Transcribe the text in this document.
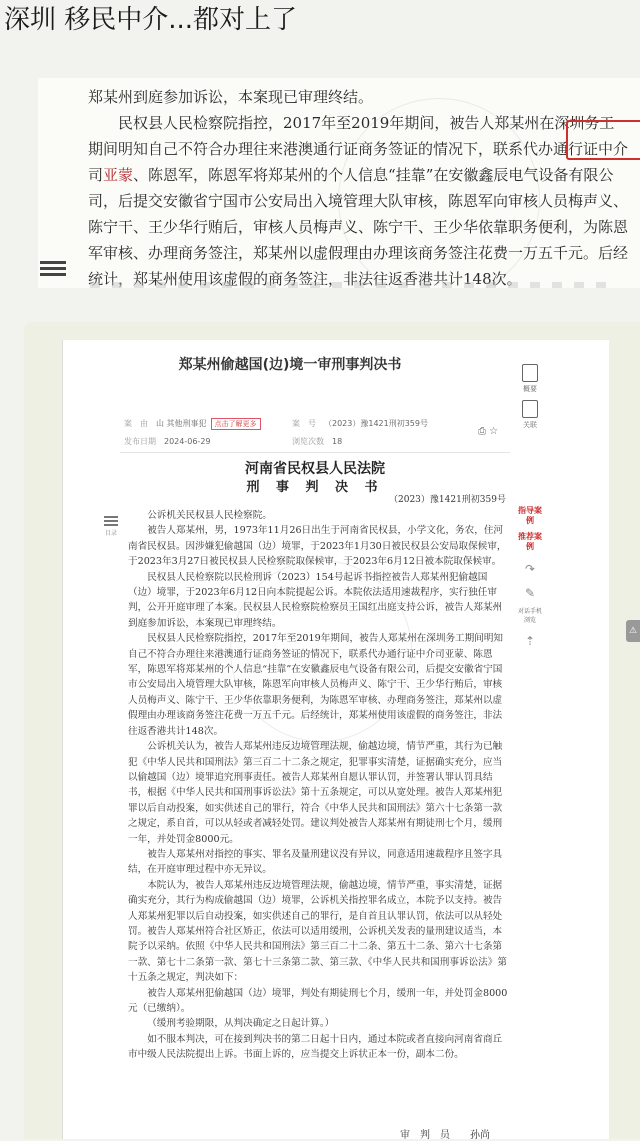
深圳 移民中介...都对上了
郑某州到庭参加诉讼，本案现已审理终结。
民权县人民检察院指控，2017年至2019年期间，被告人郑某州在深圳务工期间明知自己不符合办理往来港澳通行证商务签证的情况下，联系代办通行证中介司亚蒙、陈恩军，陈恩军将郑某州的个人信息“挂靠”在安徽鑫辰电气设备有限公司，后提交安徽省宁国市公安局出入境管理大队审核，陈恩军向审核人员梅声义、陈宁干、王少华行贿后，审核人员梅声义、陈宁干、王少华依靠职务便利，为陈恩军审核、办理商务签注，郑某州以虚假理由办理该商务签注花费一万五千元。后经统计，郑某州使用该虚假的商务签注，非法往返香港共计148次。
郑某州偷越国(边)境一审刑事判决书
案　由 山 其他刑事犯 点击了解更多	案　号 （2023）豫1421刑初359号
发布日期 2024-06-29	浏览次数 18
⎙ ☆
河南省民权县人民法院
刑 事 判 决 书
（2023）豫1421刑初359号

公诉机关民权县人民检察院。

被告人郑某州，男，1973年11月26日出生于河南省民权县，小学文化，务农，住河南省民权县。因涉嫌犯偷越国（边）境罪，于2023年1月30日被民权县公安局取保候审，于2023年3月27日被民权县人民检察院取保候审，于2023年6月12日被本院取保候审。

民权县人民检察院以民检刑诉（2023）154号起诉书指控被告人郑某州犯偷越国（边）境罪，于2023年6月12日向本院提起公诉。本院依法适用速裁程序，实行独任审判，公开开庭审理了本案。民权县人民检察院检察员王国红出庭支持公诉，被告人郑某州到庭参加诉讼，本案现已审理终结。

民权县人民检察院指控，2017年至2019年期间，被告人郑某州在深圳务工期间明知自己不符合办理往来港澳通行证商务签证的情况下，联系代办通行证中介司亚蒙、陈恩军，陈恩军将郑某州的个人信息“挂靠”在安徽鑫辰电气设备有限公司，后提交安徽省宁国市公安局出入境管理大队审核，陈恩军向审核人员梅声义、陈宁干、王少华行贿后，审核人员梅声义、陈宁干、王少华依靠职务便利，为陈恩军审核、办理商务签注，郑某州以虚假理由办理该商务签注花费一万五千元。后经统计，郑某州使用该虚假的商务签注，非法往返香港共计148次。

公诉机关认为，被告人郑某州违反边境管理法规，偷越边境，情节严重，其行为已触犯《中华人民共和国刑法》第三百二十二条之规定，犯罪事实清楚，证据确实充分，应当以偷越国（边）境罪追究刑事责任。被告人郑某州自愿认罪认罚，并签署认罪认罚具结书，根据《中华人民共和国刑事诉讼法》第十五条规定，可以从宽处理。被告人郑某州犯罪以后自动投案，如实供述自己的罪行，符合《中华人民共和国刑法》第六十七条第一款之规定，系自首，可以从轻或者减轻处罚。建议判处被告人郑某州有期徒刑七个月，缓刑一年，并处罚金8000元。

被告人郑某州对指控的事实、罪名及量刑建议没有异议，同意适用速裁程序且签字具结，在开庭审理过程中亦无异议。

本院认为，被告人郑某州违反边境管理法规，偷越边境，情节严重，事实清楚，证据确实充分，其行为构成偷越国（边）境罪，公诉机关指控罪名成立，本院予以支持。被告人郑某州犯罪以后自动投案，如实供述自己的罪行，是自首且认罪认罚，依法可以从轻处罚。被告人郑某州符合社区矫正，依法可以适用缓刑，公诉机关发表的量刑建议适当，本院予以采纳。依照《中华人民共和国刑法》第三百二十二条、第五十二条、第六十七条第一款、第七十二条第一款、第七十三条第二款、第三款、《中华人民共和国刑事诉讼法》第十五条之规定，判决如下：

被告人郑某州犯偷越国（边）境罪，判处有期徒刑七个月，缓刑一年，并处罚金8000元（已缴纳）。

（缓刑考验期限，从判决确定之日起计算。）

如不服本判决，可在接到判决书的第二日起十日内，通过本院或者直接向河南省商丘市中级人民法院提出上诉。书面上诉的，应当提交上诉状正本一份，副本二份。

审　判　员　　孙尚
目录
概要
关联
指导案例
推荐案例
↷
✎
对话手机浏览
⇡
⚠
